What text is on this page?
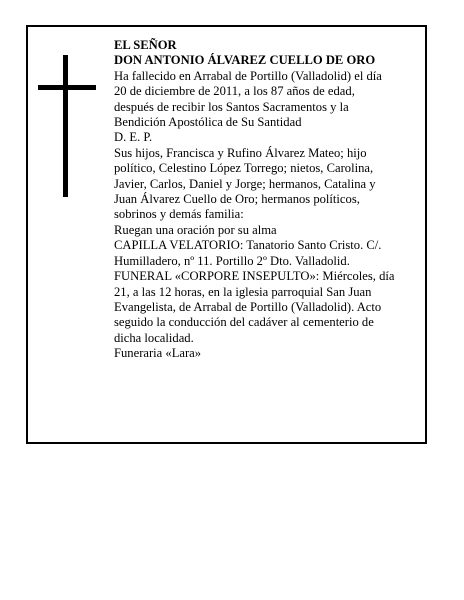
EL SEÑOR
DON ANTONIO ÁLVAREZ CUELLO DE ORO
Ha fallecido en Arrabal de Portillo (Valladolid) el día
20 de diciembre de 2011, a los 87 años de edad,
después de recibir los Santos Sacramentos y la
Bendición Apostólica de Su Santidad
D. E. P.
Sus hijos, Francisca y Rufino Álvarez Mateo; hijo
político, Celestino López Torrego; nietos, Carolina,
Javier, Carlos, Daniel y Jorge; hermanos, Catalina y
Juan Álvarez Cuello de Oro; hermanos políticos,
sobrinos y demás familia:
Ruegan una oración por su alma
CAPILLA VELATORIO: Tanatorio Santo Cristo. C/.
Humilladero, nº 11. Portillo 2º Dto. Valladolid.
FUNERAL «CORPORE INSEPULTO»: Miércoles, día
21, a las 12 horas, en la iglesia parroquial San Juan
Evangelista, de Arrabal de Portillo (Valladolid). Acto
seguido la conducción del cadáver al cementerio de
dicha localidad.
Funeraria «Lara»
